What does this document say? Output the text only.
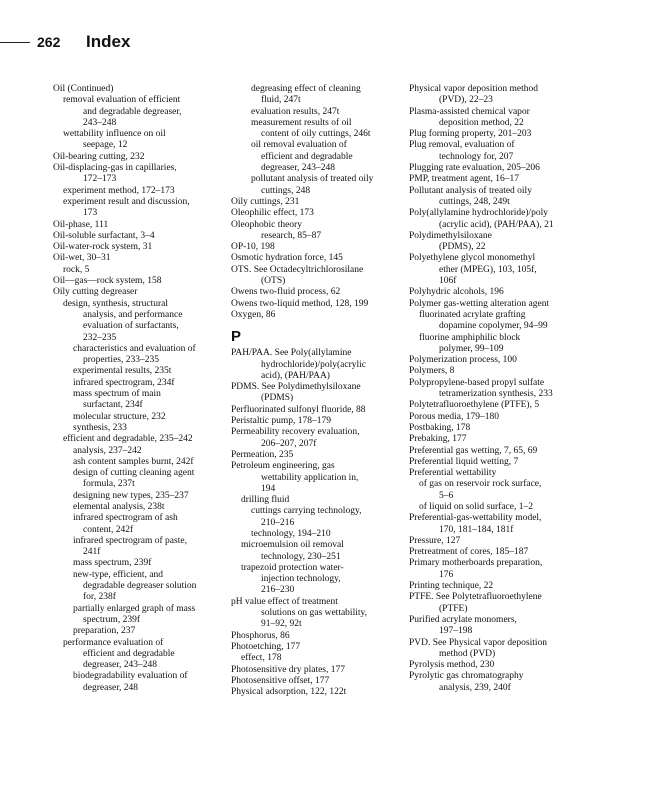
262 Index
Oil (Continued)
removal evaluation of efficient
and degradable degreaser,
243–248
wettability influence on oil
seepage, 12
Oil-bearing cutting, 232
Oil-displacing-gas in capillaries,
172–173
experiment method, 172–173
experiment result and discussion,
173
Oil-phase, 111
Oil-soluble surfactant, 3–4
Oil-water-rock system, 31
Oil-wet, 30–31
rock, 5
Oil—gas—rock system, 158
Oily cutting degreaser
design, synthesis, structural
analysis, and performance
evaluation of surfactants,
232–235
characteristics and evaluation of
properties, 233–235
experimental results, 235t
infrared spectrogram, 234f
mass spectrum of main
surfactant, 234f
molecular structure, 232
synthesis, 233
efficient and degradable, 235–242
analysis, 237–242
ash content samples burnt, 242f
design of cutting cleaning agent
formula, 237t
designing new types, 235–237
elemental analysis, 238t
infrared spectrogram of ash
content, 242f
infrared spectrogram of paste,
241f
mass spectrum, 239f
new-type, efficient, and
degradable degreaser solution
for, 238f
partially enlarged graph of mass
spectrum, 239f
preparation, 237
performance evaluation of
efficient and degradable
degreaser, 243–248
biodegradability evaluation of
degreaser, 248
degreasing effect of cleaning
fluid, 247t
evaluation results, 247t
measurement results of oil
content of oily cuttings, 246t
oil removal evaluation of
efficient and degradable
degreaser, 243–248
pollutant analysis of treated oily
cuttings, 248
Oily cuttings, 231
Oleophilic effect, 173
Oleophobic theory
research, 85–87
OP-10, 198
Osmotic hydration force, 145
OTS. See Octadecyltrichlorosilane
(OTS)
Owens two-fluid process, 62
Owens two-liquid method, 128, 199
Oxygen, 86
P
PAH/PAA. See Poly(allylamine
hydrochloride)/poly(acrylic
acid), (PAH/PAA)
PDMS. See Polydimethylsiloxane
(PDMS)
Perfluorinated sulfonyl fluoride, 88
Peristaltic pump, 178–179
Permeability recovery evaluation,
206–207, 207f
Permeation, 235
Petroleum engineering, gas
wettability application in,
194
drilling fluid
cuttings carrying technology,
210–216
technology, 194–210
microemulsion oil removal
technology, 230–251
trapezoid protection water-
injection technology,
216–230
pH value effect of treatment
solutions on gas wettability,
91–92, 92t
Phosphorus, 86
Photoetching, 177
effect, 178
Photosensitive dry plates, 177
Photosensitive offset, 177
Physical adsorption, 122, 122t
Physical vapor deposition method
(PVD), 22–23
Plasma-assisted chemical vapor
deposition method, 22
Plug forming property, 201–203
Plug removal, evaluation of
technology for, 207
Plugging rate evaluation, 205–206
PMP, treatment agent, 16–17
Pollutant analysis of treated oily
cuttings, 248, 249t
Poly(allylamine hydrochloride)/poly
(acrylic acid), (PAH/PAA), 21
Polydimethylsiloxane
(PDMS), 22
Polyethylene glycol monomethyl
ether (MPEG), 103, 105f,
106f
Polyhydric alcohols, 196
Polymer gas-wetting alteration agent
fluorinated acrylate grafting
dopamine copolymer, 94–99
fluorine amphiphilic block
polymer, 99–109
Polymerization process, 100
Polymers, 8
Polypropylene-based propyl sulfate
tetramerization synthesis, 233
Polytetrafluoroethylene (PTFE), 5
Porous media, 179–180
Postbaking, 178
Prebaking, 177
Preferential gas wetting, 7, 65, 69
Preferential liquid wetting, 7
Preferential wettability
of gas on reservoir rock surface,
5–6
of liquid on solid surface, 1–2
Preferential-gas-wettability model,
170, 181–184, 181f
Pressure, 127
Pretreatment of cores, 185–187
Primary motherboards preparation,
176
Printing technique, 22
PTFE. See Polytetrafluoroethylene
(PTFE)
Purified acrylate monomers,
197–198
PVD. See Physical vapor deposition
method (PVD)
Pyrolysis method, 230
Pyrolytic gas chromatography
analysis, 239, 240f
